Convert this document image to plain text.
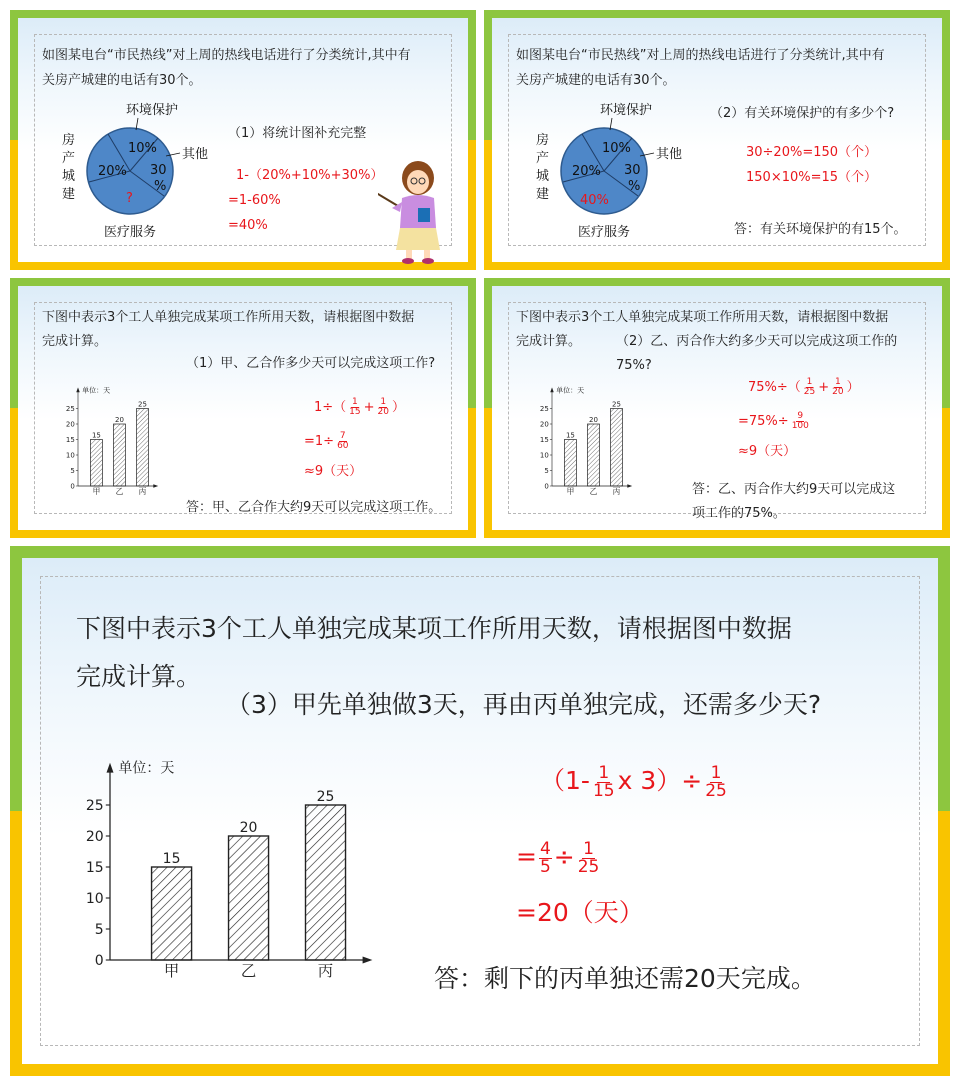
如图某电台“市民热线”对上周的热线电话进行了分类统计,其中有
关房产城建的电话有30个。
10%
20% 30
%
?
环境保护
其他
医疗服务
房
产
城
建
（1）将统计图补充完整
1-（20%+10%+30%）
=1-60%
=40%
如图某电台“市民热线”对上周的热线电话进行了分类统计,其中有
关房产城建的电话有30个。
10%
20% 30
%
40%
环境保护
其他
医疗服务
房
产
城
建
（2）有关环境保护的有多少个?
30÷20%=150（个）
150×10%=15（个）
答：有关环境保护的有15个。
下图中表示3个工人单独完成某项工作所用天数，请根据图中数据
完成计算。
（1）甲、乙合作多少天可以完成这项工作?
单位：天
0
5
10
15
20
25
15
甲
20
乙
25
丙
$1\div( \frac{1}{15} + \frac{1}{20}$ ）
$=1\div \frac{7}{60}$
≈9（天）
答：甲、乙合作大约9天可以完成这项工作。
下图中表示3个工人单独完成某项工作所用天数，请根据图中数据
完成计算。	（2）乙、丙合作大约多少天可以完成这项工作的
75%?
单位：天
0
5
10
15
20
25
15
甲
20
乙
25
丙
$75\%\div( \frac{1}{25} + \frac{1}{20}$ ）
$=75\%\div \frac{9}{100}$
≈9（天）
答：乙、丙合作大约9天可以完成这
项工作的75%。
下图中表示3个工人单独完成某项工作所用天数，请根据图中数据
完成计算。
（3）甲先单独做3天，再由丙单独完成，还需多少天?
单位：天
0
5
10
15
20
25
15
甲
20
乙
25
丙
（$1- \frac{1}{15}$ x $3)\div \frac{1}{25}$
= $\frac{4}{5} \div \frac{1}{25}$
=20（天）
答：剩下的丙单独还需20天完成。
